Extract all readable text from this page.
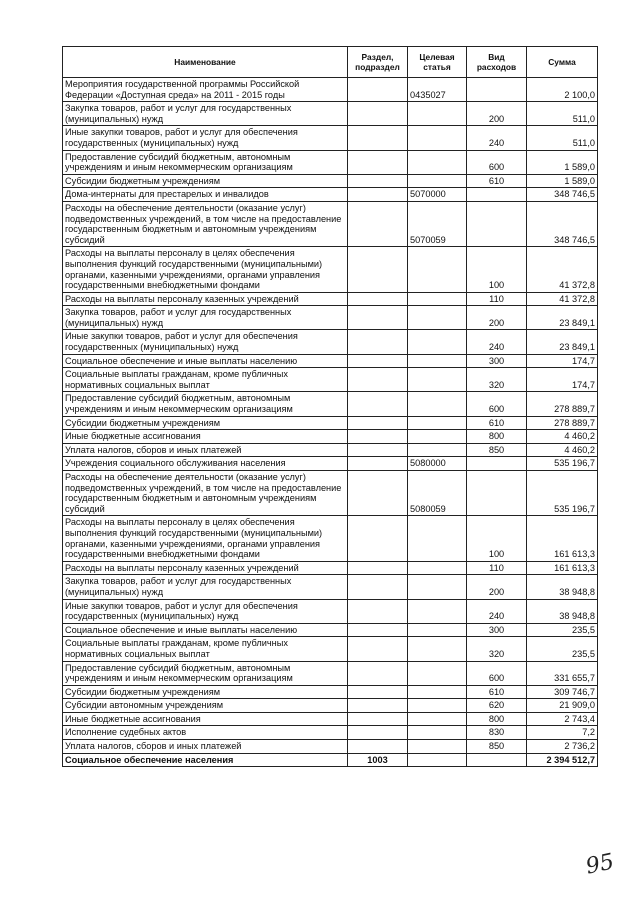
Наименование	Раздел, подраздел	Целевая статья	Вид расходов	Сумма
Мероприятия государственной программы Российской Федерации «Доступная среда» на 2011 - 2015 годы		0435027		2 100,0
Закупка товаров, работ и услуг для государственных (муниципальных) нужд			200	511,0
Иные закупки товаров, работ и услуг для обеспечения государственных (муниципальных) нужд			240	511,0
Предоставление субсидий бюджетным, автономным учреждениям и иным некоммерческим организациям			600	1 589,0
Субсидии бюджетным учреждениям			610	1 589,0
Дома-интернаты для престарелых и инвалидов		5070000		348 746,5
Расходы на обеспечение деятельности (оказание услуг) подведомственных учреждений, в том числе на предоставление государственным бюджетным и автономным учреждениям субсидий		5070059		348 746,5
Расходы на выплаты персоналу в целях обеспечения выполнения функций государственными (муниципальными) органами, казенными учреждениями, органами управления государственными внебюджетными фондами			100	41 372,8
Расходы на выплаты персоналу казенных учреждений			110	41 372,8
Закупка товаров, работ и услуг для государственных (муниципальных) нужд			200	23 849,1
Иные закупки товаров, работ и услуг для обеспечения государственных (муниципальных) нужд			240	23 849,1
Социальное обеспечение и иные выплаты населению			300	174,7
Социальные выплаты гражданам, кроме публичных нормативных социальных выплат			320	174,7
Предоставление субсидий бюджетным, автономным учреждениям и иным некоммерческим организациям			600	278 889,7
Субсидии бюджетным учреждениям			610	278 889,7
Иные бюджетные ассигнования			800	4 460,2
Уплата налогов, сборов и иных платежей			850	4 460,2
Учреждения социального обслуживания населения		5080000		535 196,7
Расходы на обеспечение деятельности (оказание услуг) подведомственных учреждений, в том числе на предоставление государственным бюджетным и автономным учреждениям субсидий		5080059		535 196,7
Расходы на выплаты персоналу в целях обеспечения выполнения функций государственными (муниципальными) органами, казенными учреждениями, органами управления государственными внебюджетными фондами			100	161 613,3
Расходы на выплаты персоналу казенных учреждений			110	161 613,3
Закупка товаров, работ и услуг для государственных (муниципальных) нужд			200	38 948,8
Иные закупки товаров, работ и услуг для обеспечения государственных (муниципальных) нужд			240	38 948,8
Социальное обеспечение и иные выплаты населению			300	235,5
Социальные выплаты гражданам, кроме публичных нормативных социальных выплат			320	235,5
Предоставление субсидий бюджетным, автономным учреждениям и иным некоммерческим организациям			600	331 655,7
Субсидии бюджетным учреждениям			610	309 746,7
Субсидии автономным учреждениям			620	21 909,0
Иные бюджетные ассигнования			800	2 743,4
Исполнение судебных актов			830	7,2
Уплата налогов, сборов и иных платежей			850	2 736,2
Социальное обеспечение населения	1003			2 394 512,7
95
